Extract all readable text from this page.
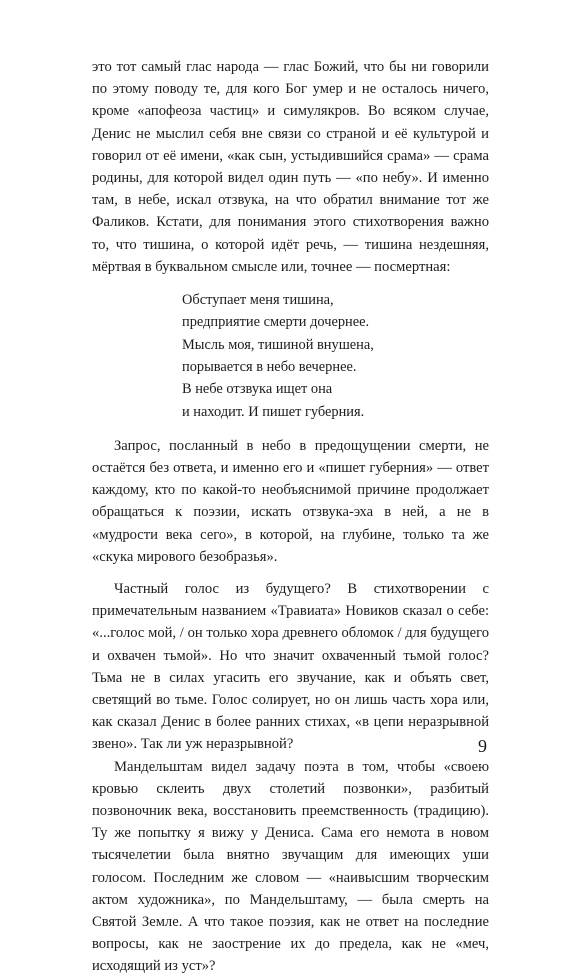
это тот самый глас народа — глас Божий, что бы ни говорили по этому поводу те, для кого Бог умер и не осталось ничего, кроме «апофеоза частиц» и симулякров. Во всяком случае, Денис не мыслил себя вне связи со страной и её культурой и говорил от её имени, «как сын, устыдившийся срама» — срама родины, для которой видел один путь — «по небу». И именно там, в небе, искал отзвука, на что обратил внимание тот же Фаликов. Кстати, для понимания этого стихотворения важно то, что тишина, о которой идёт речь, — тишина нездешняя, мёртвая в буквальном смысле или, точнее — посмертная:

Обступает меня тишина,
предприятие смерти дочернее.
Мысль моя, тишиной внушена,
порывается в небо вечернее.
В небе отзвука ищет она
и находит. И пишет губерния.

Запрос, посланный в небо в предощущении смерти, не остаётся без ответа, и именно его и «пишет губерния» — ответ каждому, кто по какой-то необъяснимой причине продолжает обращаться к поэзии, искать отзвука-эха в ней, а не в «мудрости века сего», в которой, на глубине, только та же «скука мирового безобразья».

Частный голос из будущего? В стихотворении с примечательным названием «Травиата» Новиков сказал о себе: «...голос мой, / он только хора древнего обломок / для будущего и охвачен тьмой». Но что значит охваченный тьмой голос? Тьма не в силах угасить его звучание, как и объять свет, светящий во тьме. Голос солирует, но он лишь часть хора или, как сказал Денис в более ранних стихах, «в цепи неразрывной звено». Так ли уж неразрывной?

Мандельштам видел задачу поэта в том, чтобы «своею кровью склеить двух столетий позвонки», разбитый позвоночник века, восстановить преемственность (традицию). Ту же попытку я вижу у Дениса. Сама его немота в новом тысячелетии была внятно звучащим для имеющих уши голосом. Последним же словом — «наивысшим творческим актом художника», по Мандельштаму, — была смерть на Святой Земле. А что такое поэзия, как не ответ на последние вопросы, как не заострение их до предела, как не «меч, исходящий из уст»?

9
